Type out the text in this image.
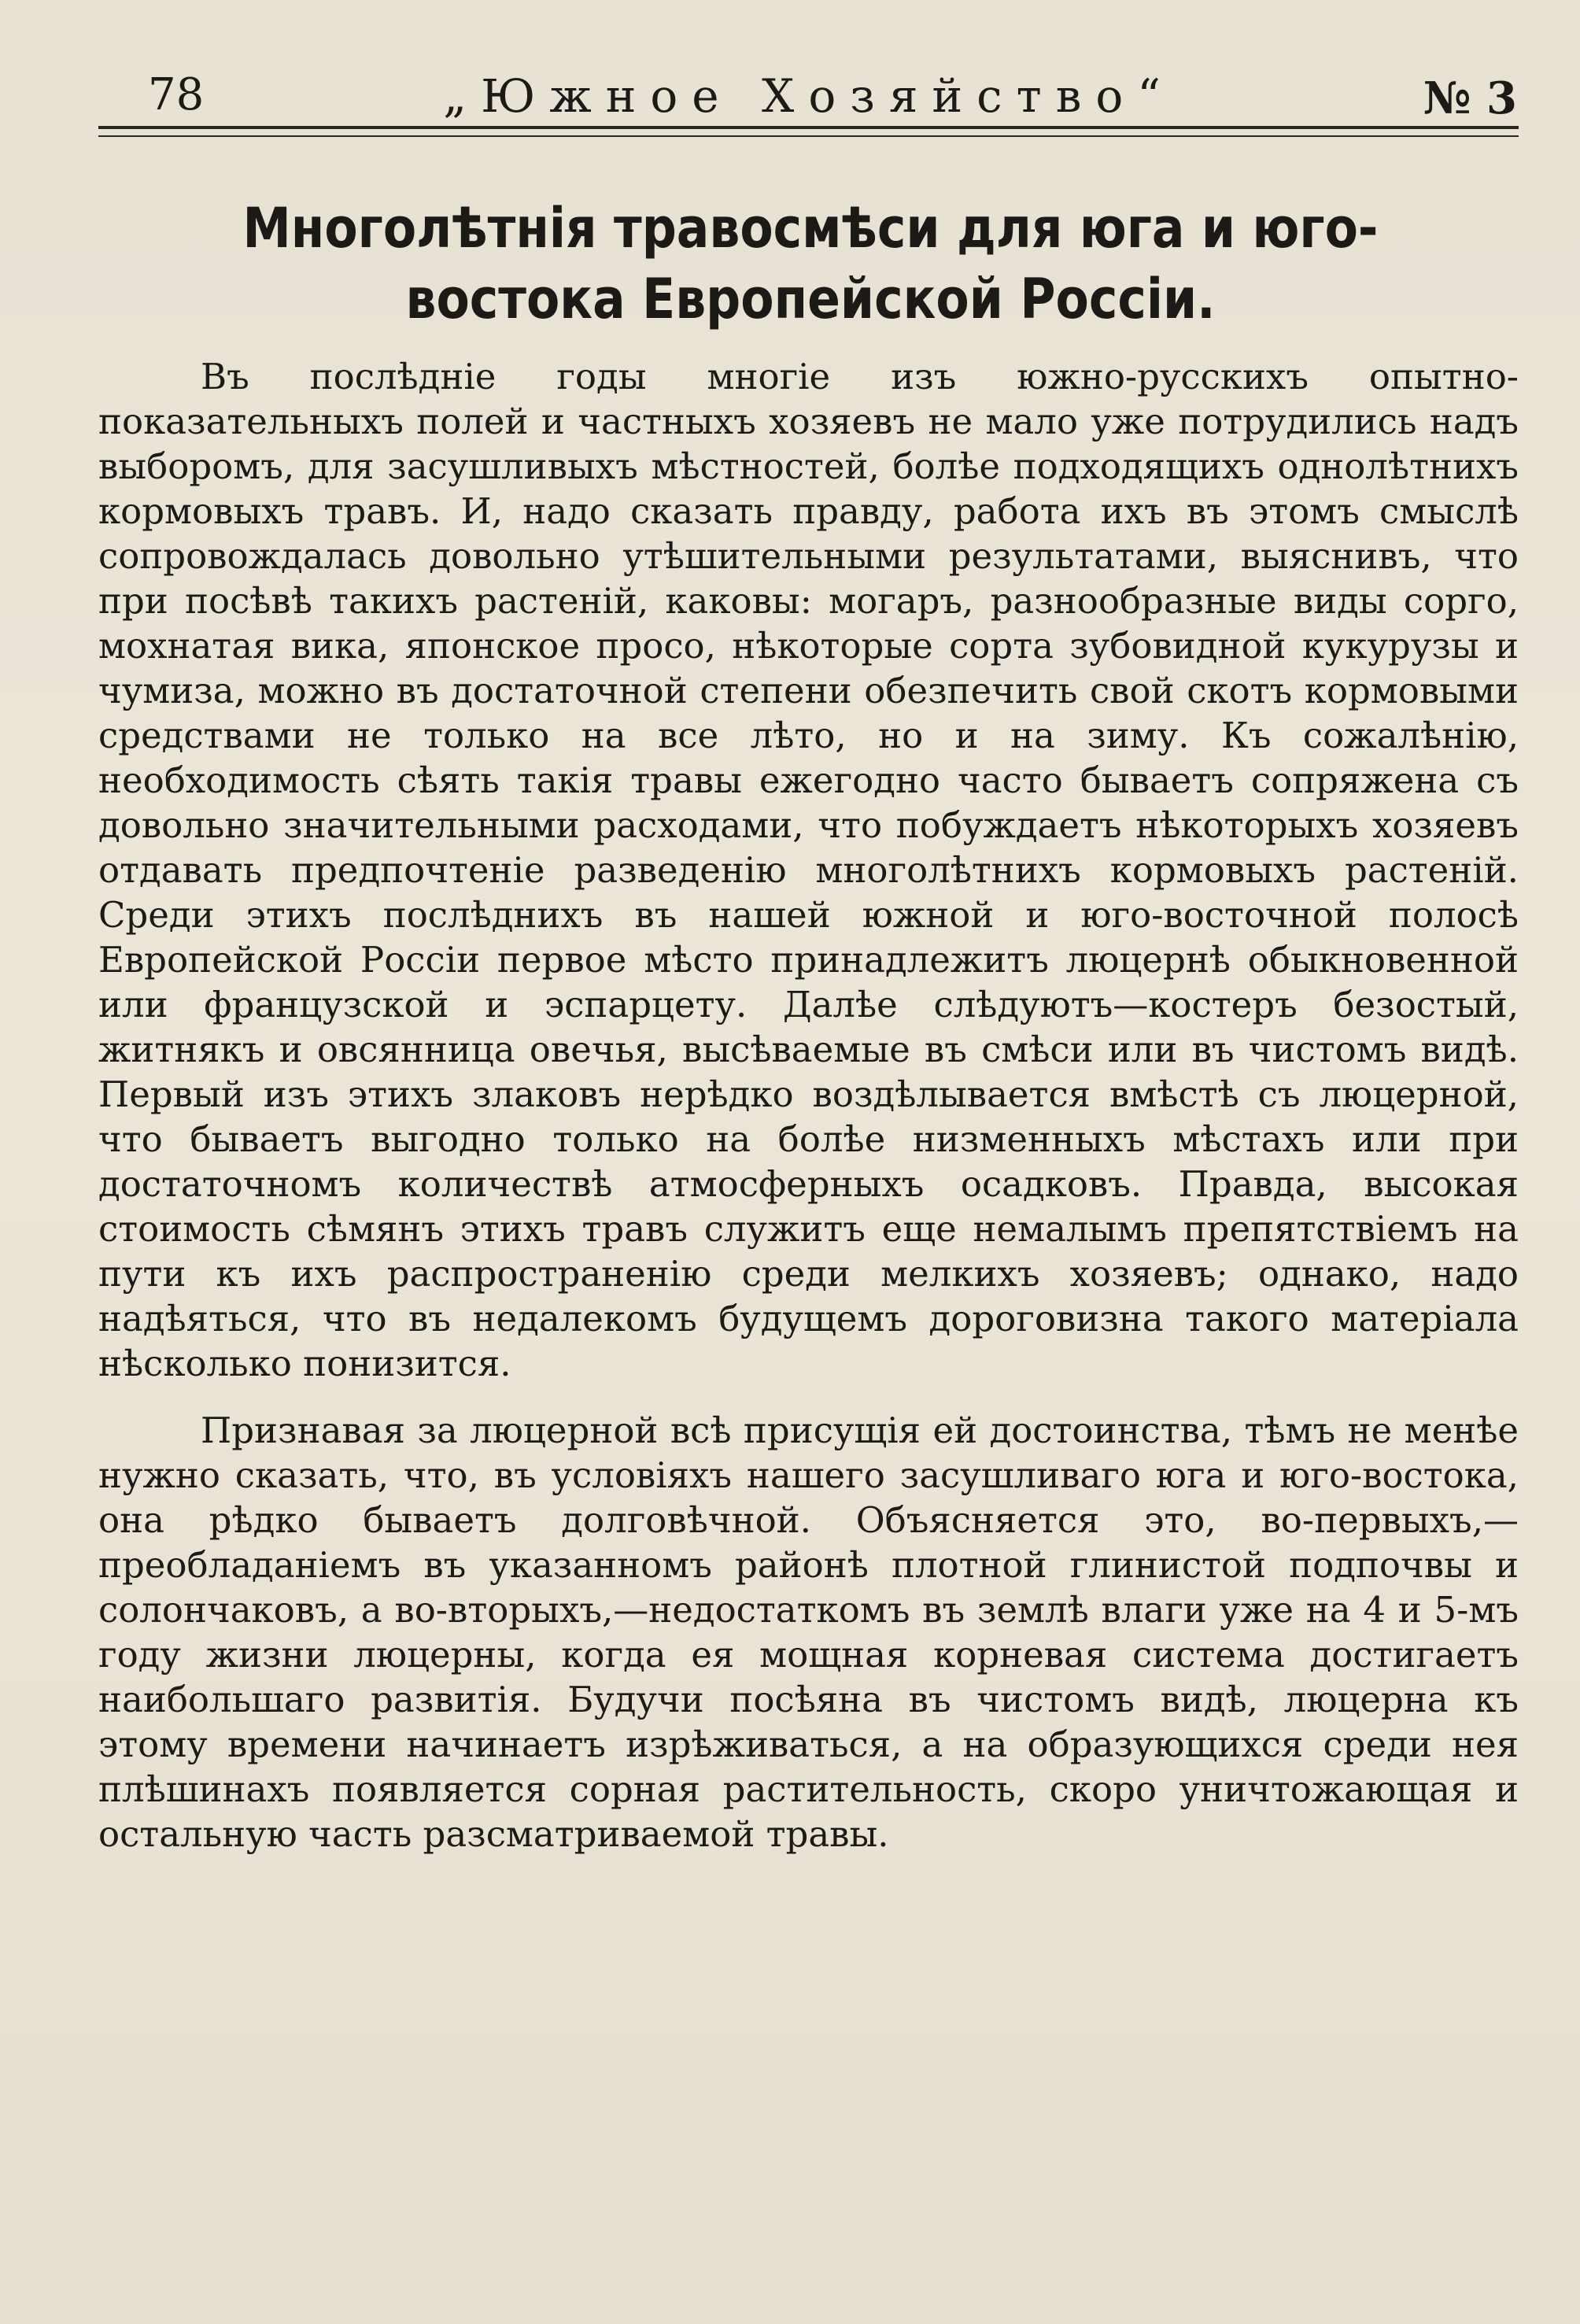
78	„Южное Хозяйство“	№ 3
Многолѣтнія травосмѣси для юга и юго-востока Европейской Россіи.

Въ послѣдніе годы многіе изъ южно-русскихъ опытно-показательныхъ полей и частныхъ хозяевъ не мало уже потрудились надъ выборомъ, для засушливыхъ мѣстностей, болѣе подходящихъ однолѣтнихъ кормовыхъ травъ. И, надо сказать правду, работа ихъ въ этомъ смыслѣ сопровождалась довольно утѣшительными результатами, выяснивъ, что при посѣвѣ такихъ растеній, каковы: могаръ, разнообразные виды сорго, мохнатая вика, японское просо, нѣкоторые сорта зубовидной кукурузы и чумиза, можно въ достаточной степени обезпечить свой скотъ кормовыми средствами не только на все лѣто, но и на зиму. Къ сожалѣнію, необходимость сѣять такія травы ежегодно часто бываетъ сопряжена съ довольно значительными расходами, что побуждаетъ нѣкоторыхъ хозяевъ отдавать предпочтеніе разведенію многолѣтнихъ кормовыхъ растеній. Среди этихъ послѣднихъ въ нашей южной и юго-восточной полосѣ Европейской Россіи первое мѣсто принадлежитъ люцернѣ обыкновенной или французской и эспарцету. Далѣе слѣдуютъ—костеръ безостый, житнякъ и овсянница овечья, высѣваемые въ смѣси или въ чистомъ видѣ. Первый изъ этихъ злаковъ нерѣдко воздѣлывается вмѣстѣ съ люцерной, что бываетъ выгодно только на болѣе низменныхъ мѣстахъ или при достаточномъ количествѣ атмосферныхъ осадковъ. Правда, высокая стоимость сѣмянъ этихъ травъ служитъ еще немалымъ препятствіемъ на пути къ ихъ распространенію среди мелкихъ хозяевъ; однако, надо надѣяться, что въ недалекомъ будущемъ дороговизна такого матеріала нѣсколько понизится.

Признавая за люцерной всѣ присущія ей достоинства, тѣмъ не менѣе нужно сказать, что, въ условіяхъ нашего засушливаго юга и юго-востока, она рѣдко бываетъ долговѣчной. Объясняется это, во-первыхъ,—преобладаніемъ въ указанномъ районѣ плотной глинистой подпочвы и солончаковъ, а во-вторыхъ,—недостаткомъ въ землѣ влаги уже на 4 и 5-мъ году жизни люцерны, когда ея мощная корневая система достигаетъ наибольшаго развитія. Будучи посѣяна въ чистомъ видѣ, люцерна къ этому времени начинаетъ изрѣживаться, а на образующихся среди нея плѣшинахъ появляется сорная растительность, скоро уничтожающая и остальную часть разсматриваемой травы.
